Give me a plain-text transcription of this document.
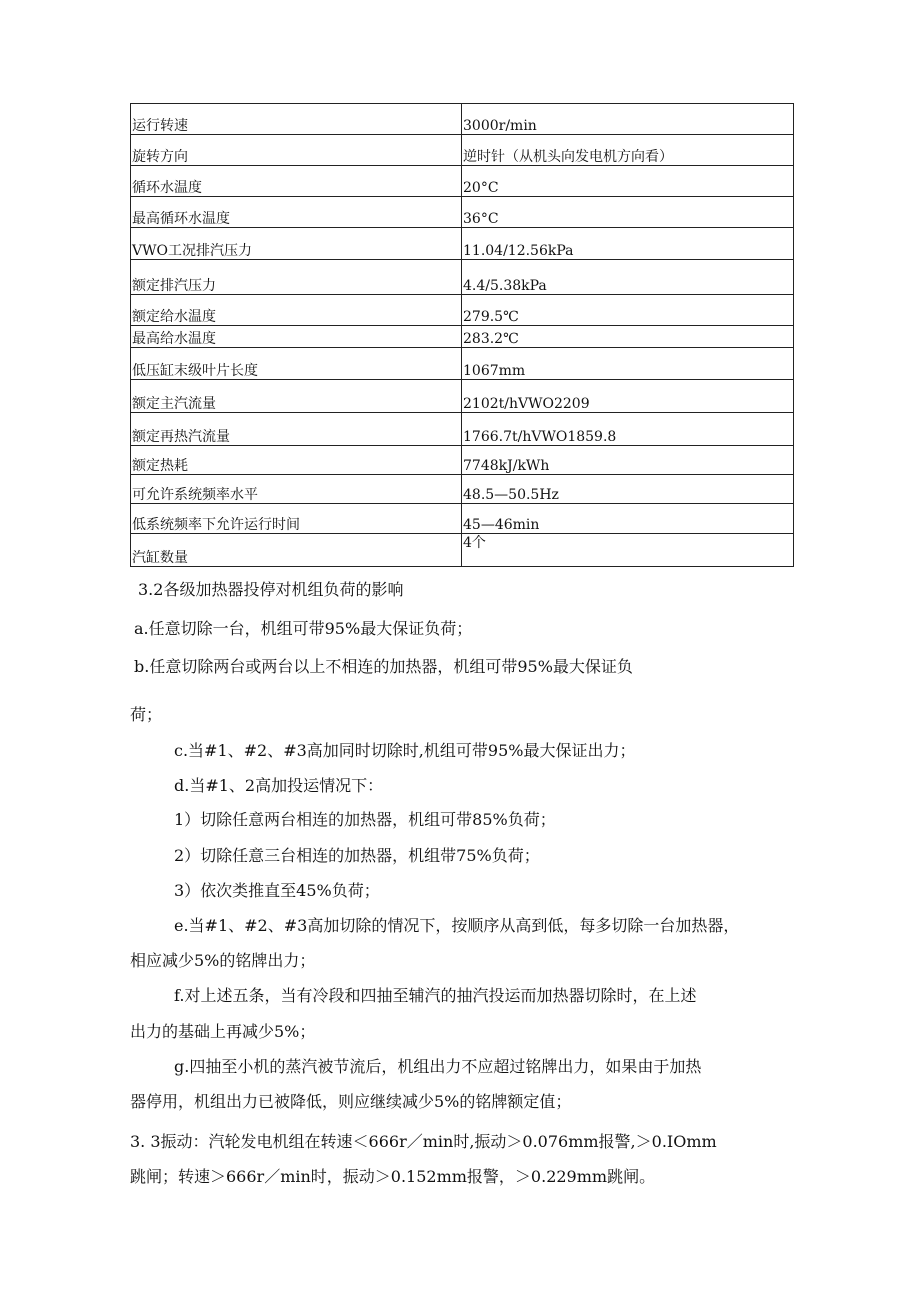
运行转速	3000r/min
旋转方向	逆时针（从机头向发电机方向看）
循环水温度	20°C
最高循环水温度	36°C
VWO工况排汽压力	11.04/12.56kPa
额定排汽压力	4.4/5.38kPa
额定给水温度	279.5℃
最高给水温度	283.2℃
低压缸末级叶片长度	1067mm
额定主汽流量	2102t/hVWO2209
额定再热汽流量	1766.7t/hVWO1859.8
额定热耗	7748kJ/kWh
可允许系统频率水平	48.5—50.5Hz
低系统频率下允许运行时间	45—46min
汽缸数量	4个

3.2各级加热器投停对机组负荷的影响

a.任意切除一台，机组可带95%最大保证负荷；

b.任意切除两台或两台以上不相连的加热器，机组可带95%最大保证负

荷；

c.当#1、#2、#3高加同时切除时,机组可带95%最大保证出力；

d.当#1、2高加投运情况下：

1）切除任意两台相连的加热器，机组可带85%负荷；

2）切除任意三台相连的加热器，机组带75%负荷；

3）依次类推直至45%负荷；

e.当#1、#2、#3高加切除的情况下，按顺序从高到低，每多切除一台加热器，

相应减少5%的铭牌出力；

f.对上述五条，当有冷段和四抽至辅汽的抽汽投运而加热器切除时，在上述

出力的基础上再减少5%；

g.四抽至小机的蒸汽被节流后，机组出力不应超过铭牌出力，如果由于加热

器停用，机组出力已被降低，则应继续减少5%的铭牌额定值；

3. 3振动：汽轮发电机组在转速＜666r／min时,振动＞0.076mm报警,＞0.IOmm

跳闸；转速＞666r／min时，振动＞0.152mm报警，＞0.229mm跳闸。
